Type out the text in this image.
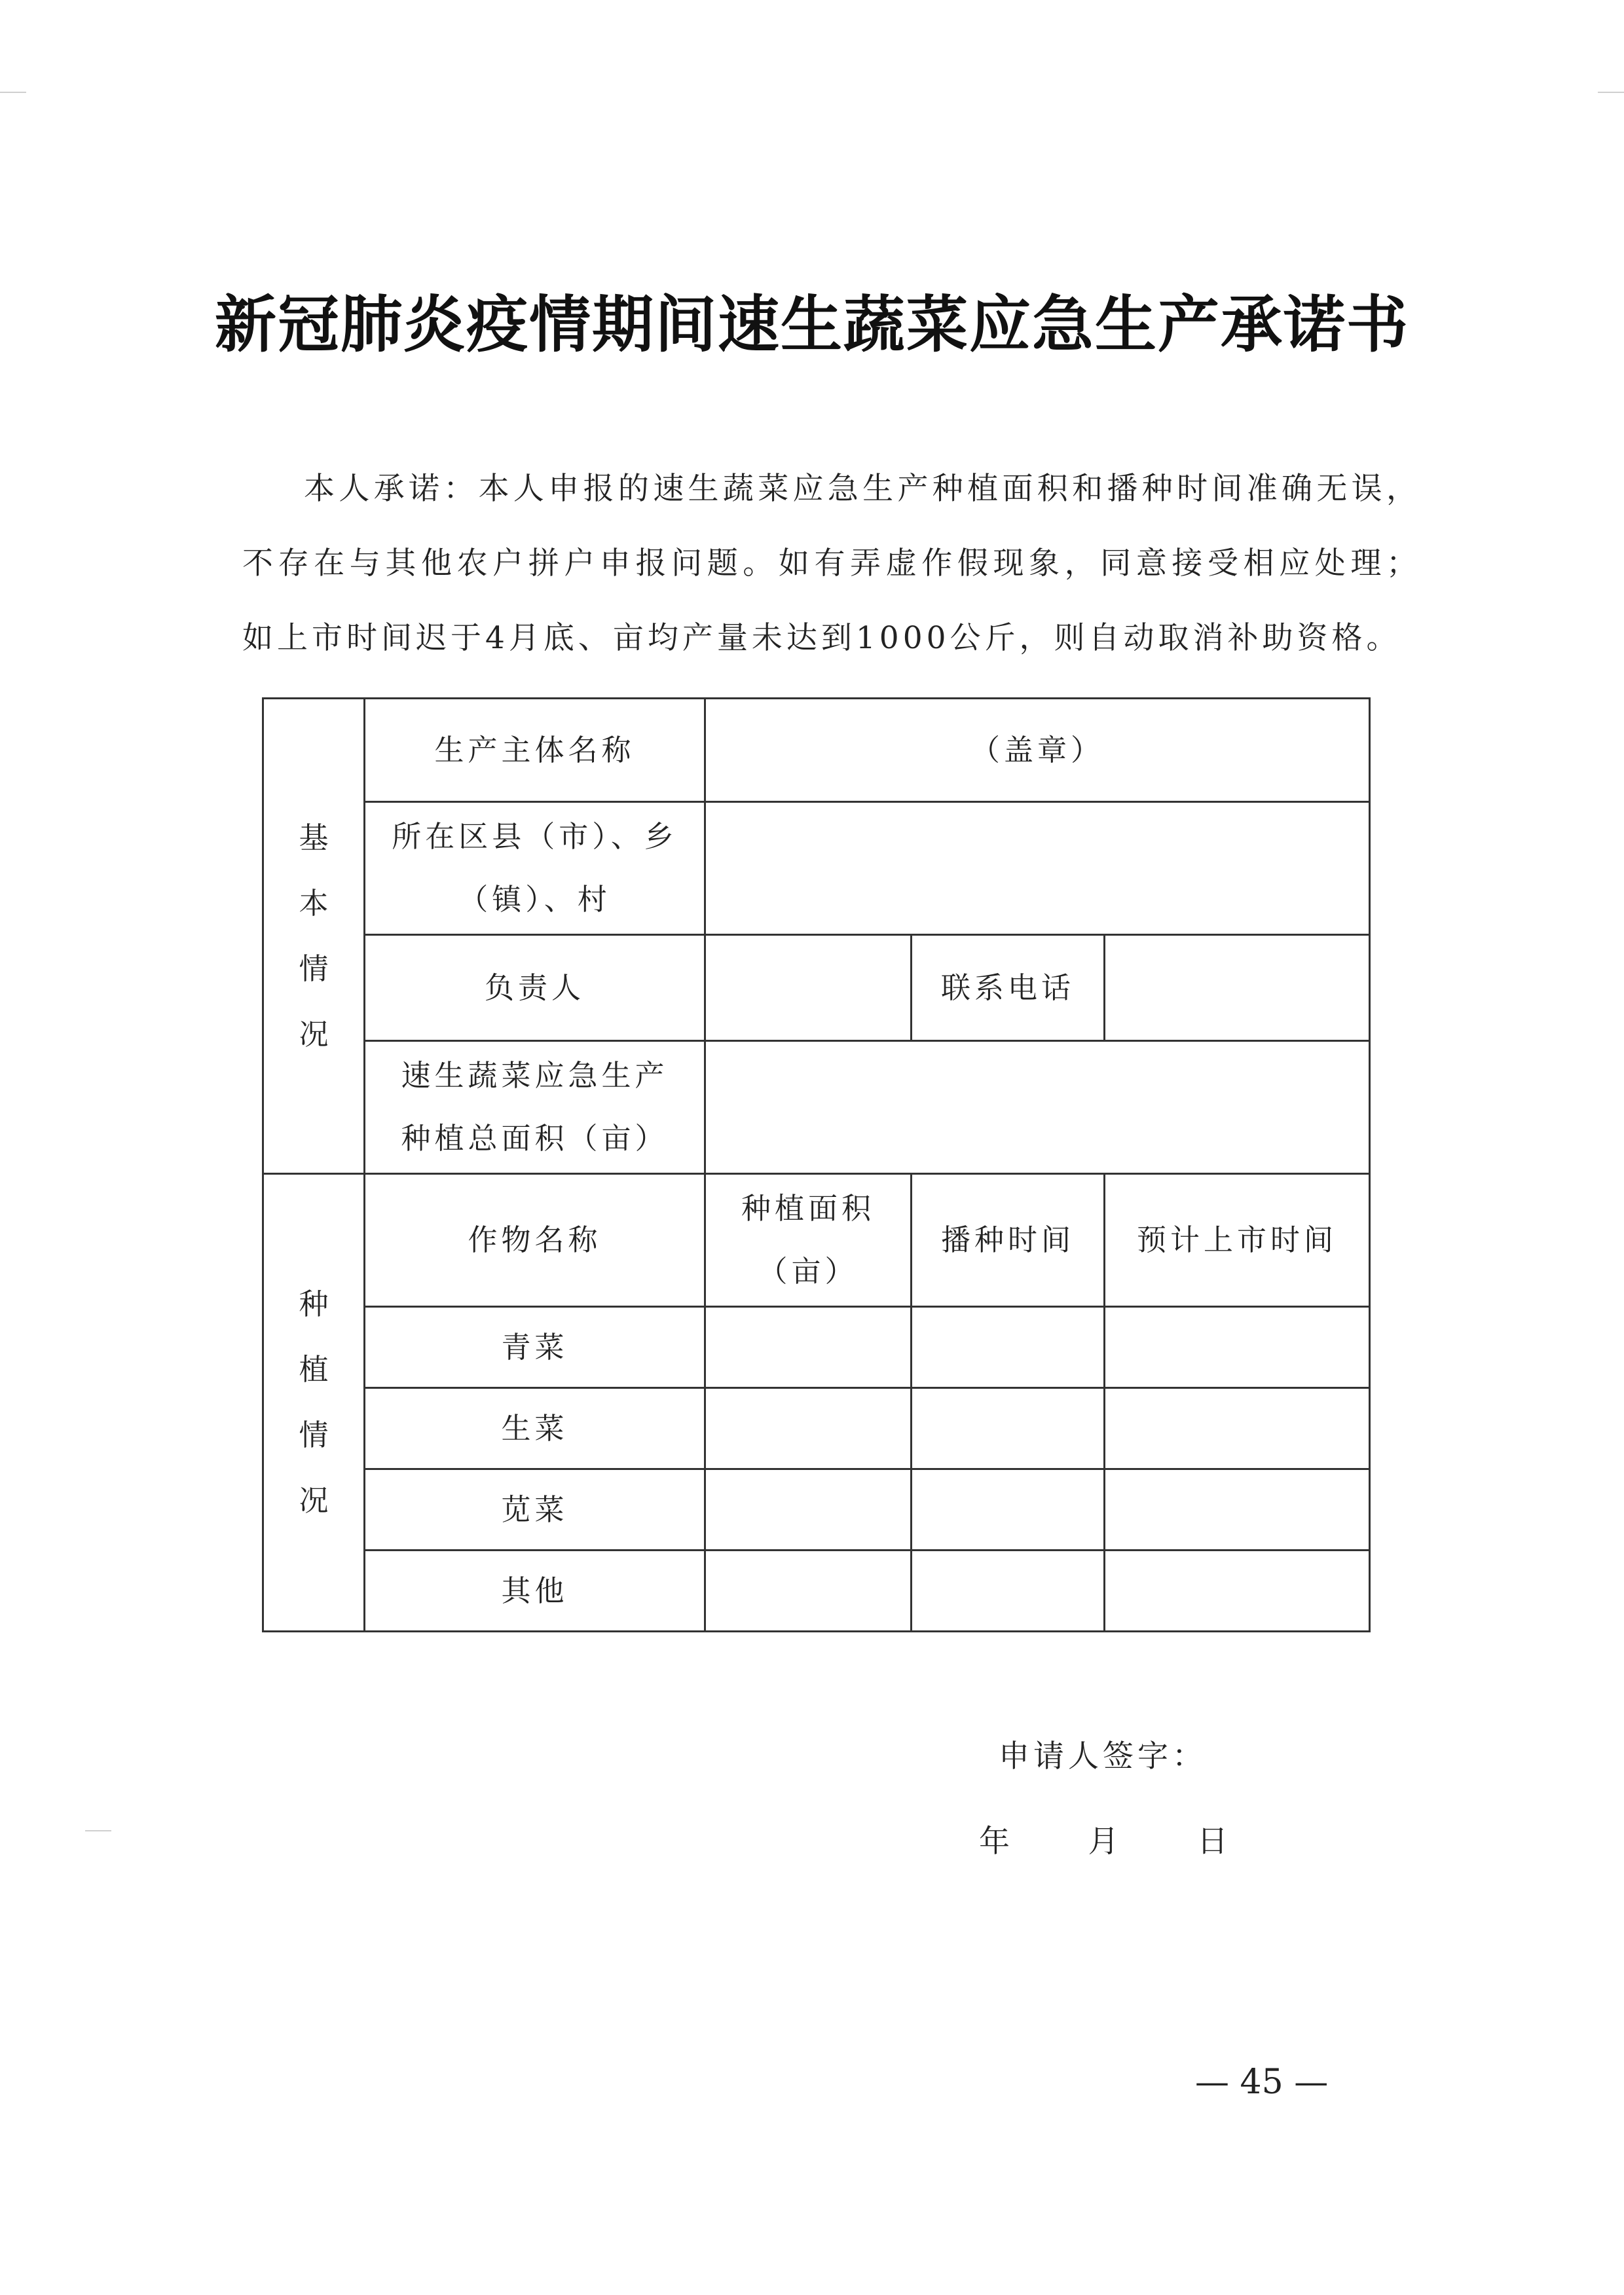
新冠肺炎疫情期间速生蔬菜应急生产承诺书
本人承诺：本人申报的速生蔬菜应急生产种植面积和播种时间准确无误，不存在与其他农户拼户申报问题。如有弄虚作假现象，同意接受相应处理；如上市时间迟于4月底、亩均产量未达到1000公斤，则自动取消补助资格。
基本情况	生产主体名称	（盖章）		
	所在区县（市）、乡（镇）、村			
	负责人		联系电话	
	速生蔬菜应急生产种植总面积（亩）			
种植情况	作物名称	种植面积（亩）	播种时间	预计上市时间
	青菜			
	生菜			
	苋菜			
	其他			
申请人签字：
年        月        日
— 45 —
